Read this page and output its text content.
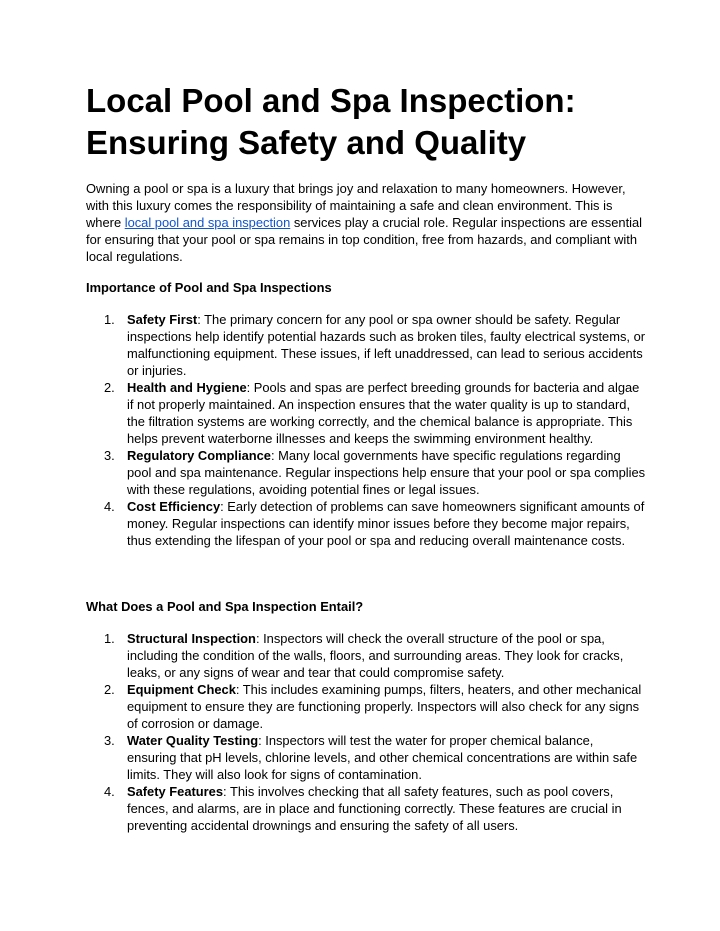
Local Pool and Spa Inspection:
Ensuring Safety and Quality

Owning a pool or spa is a luxury that brings joy and relaxation to many homeowners. However, with this luxury comes the responsibility of maintaining a safe and clean environment. This is where local pool and spa inspection services play a crucial role. Regular inspections are essential for ensuring that your pool or spa remains in top condition, free from hazards, and compliant with local regulations.

Importance of Pool and Spa Inspections

1. Safety First: The primary concern for any pool or spa owner should be safety. Regular inspections help identify potential hazards such as broken tiles, faulty electrical systems, or malfunctioning equipment. These issues, if left unaddressed, can lead to serious accidents or injuries.
2. Health and Hygiene: Pools and spas are perfect breeding grounds for bacteria and algae if not properly maintained. An inspection ensures that the water quality is up to standard, the filtration systems are working correctly, and the chemical balance is appropriate. This helps prevent waterborne illnesses and keeps the swimming environment healthy.
3. Regulatory Compliance: Many local governments have specific regulations regarding pool and spa maintenance. Regular inspections help ensure that your pool or spa complies with these regulations, avoiding potential fines or legal issues.
4. Cost Efficiency: Early detection of problems can save homeowners significant amounts of money. Regular inspections can identify minor issues before they become major repairs, thus extending the lifespan of your pool or spa and reducing overall maintenance costs.

What Does a Pool and Spa Inspection Entail?

1. Structural Inspection: Inspectors will check the overall structure of the pool or spa, including the condition of the walls, floors, and surrounding areas. They look for cracks, leaks, or any signs of wear and tear that could compromise safety.
2. Equipment Check: This includes examining pumps, filters, heaters, and other mechanical equipment to ensure they are functioning properly. Inspectors will also check for any signs of corrosion or damage.
3. Water Quality Testing: Inspectors will test the water for proper chemical balance, ensuring that pH levels, chlorine levels, and other chemical concentrations are within safe limits. They will also look for signs of contamination.
4. Safety Features: This involves checking that all safety features, such as pool covers, fences, and alarms, are in place and functioning correctly. These features are crucial in preventing accidental drownings and ensuring the safety of all users.
